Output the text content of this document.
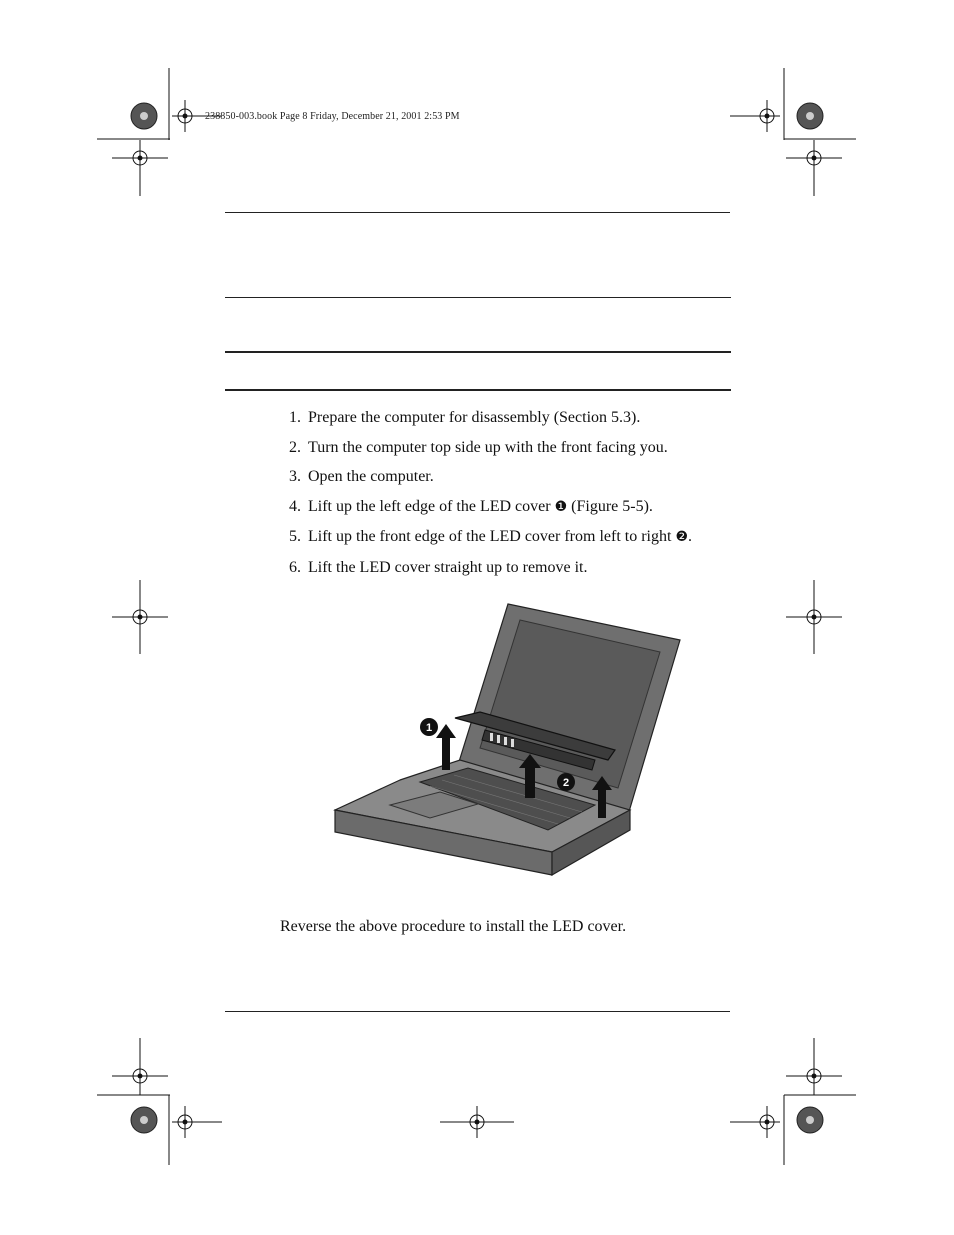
238850-003.book Page 8 Friday, December 21, 2001 2:53 PM
1. Prepare the computer for disassembly (Section 5.3).
2. Turn the computer top side up with the front facing you.
3. Open the computer.
4. Lift up the left edge of the LED cover ❶ (Figure 5-5).
5. Lift up the front edge of the LED cover from left to right ❷.
6. Lift the LED cover straight up to remove it.
1
2
Reverse the above procedure to install the LED cover.
